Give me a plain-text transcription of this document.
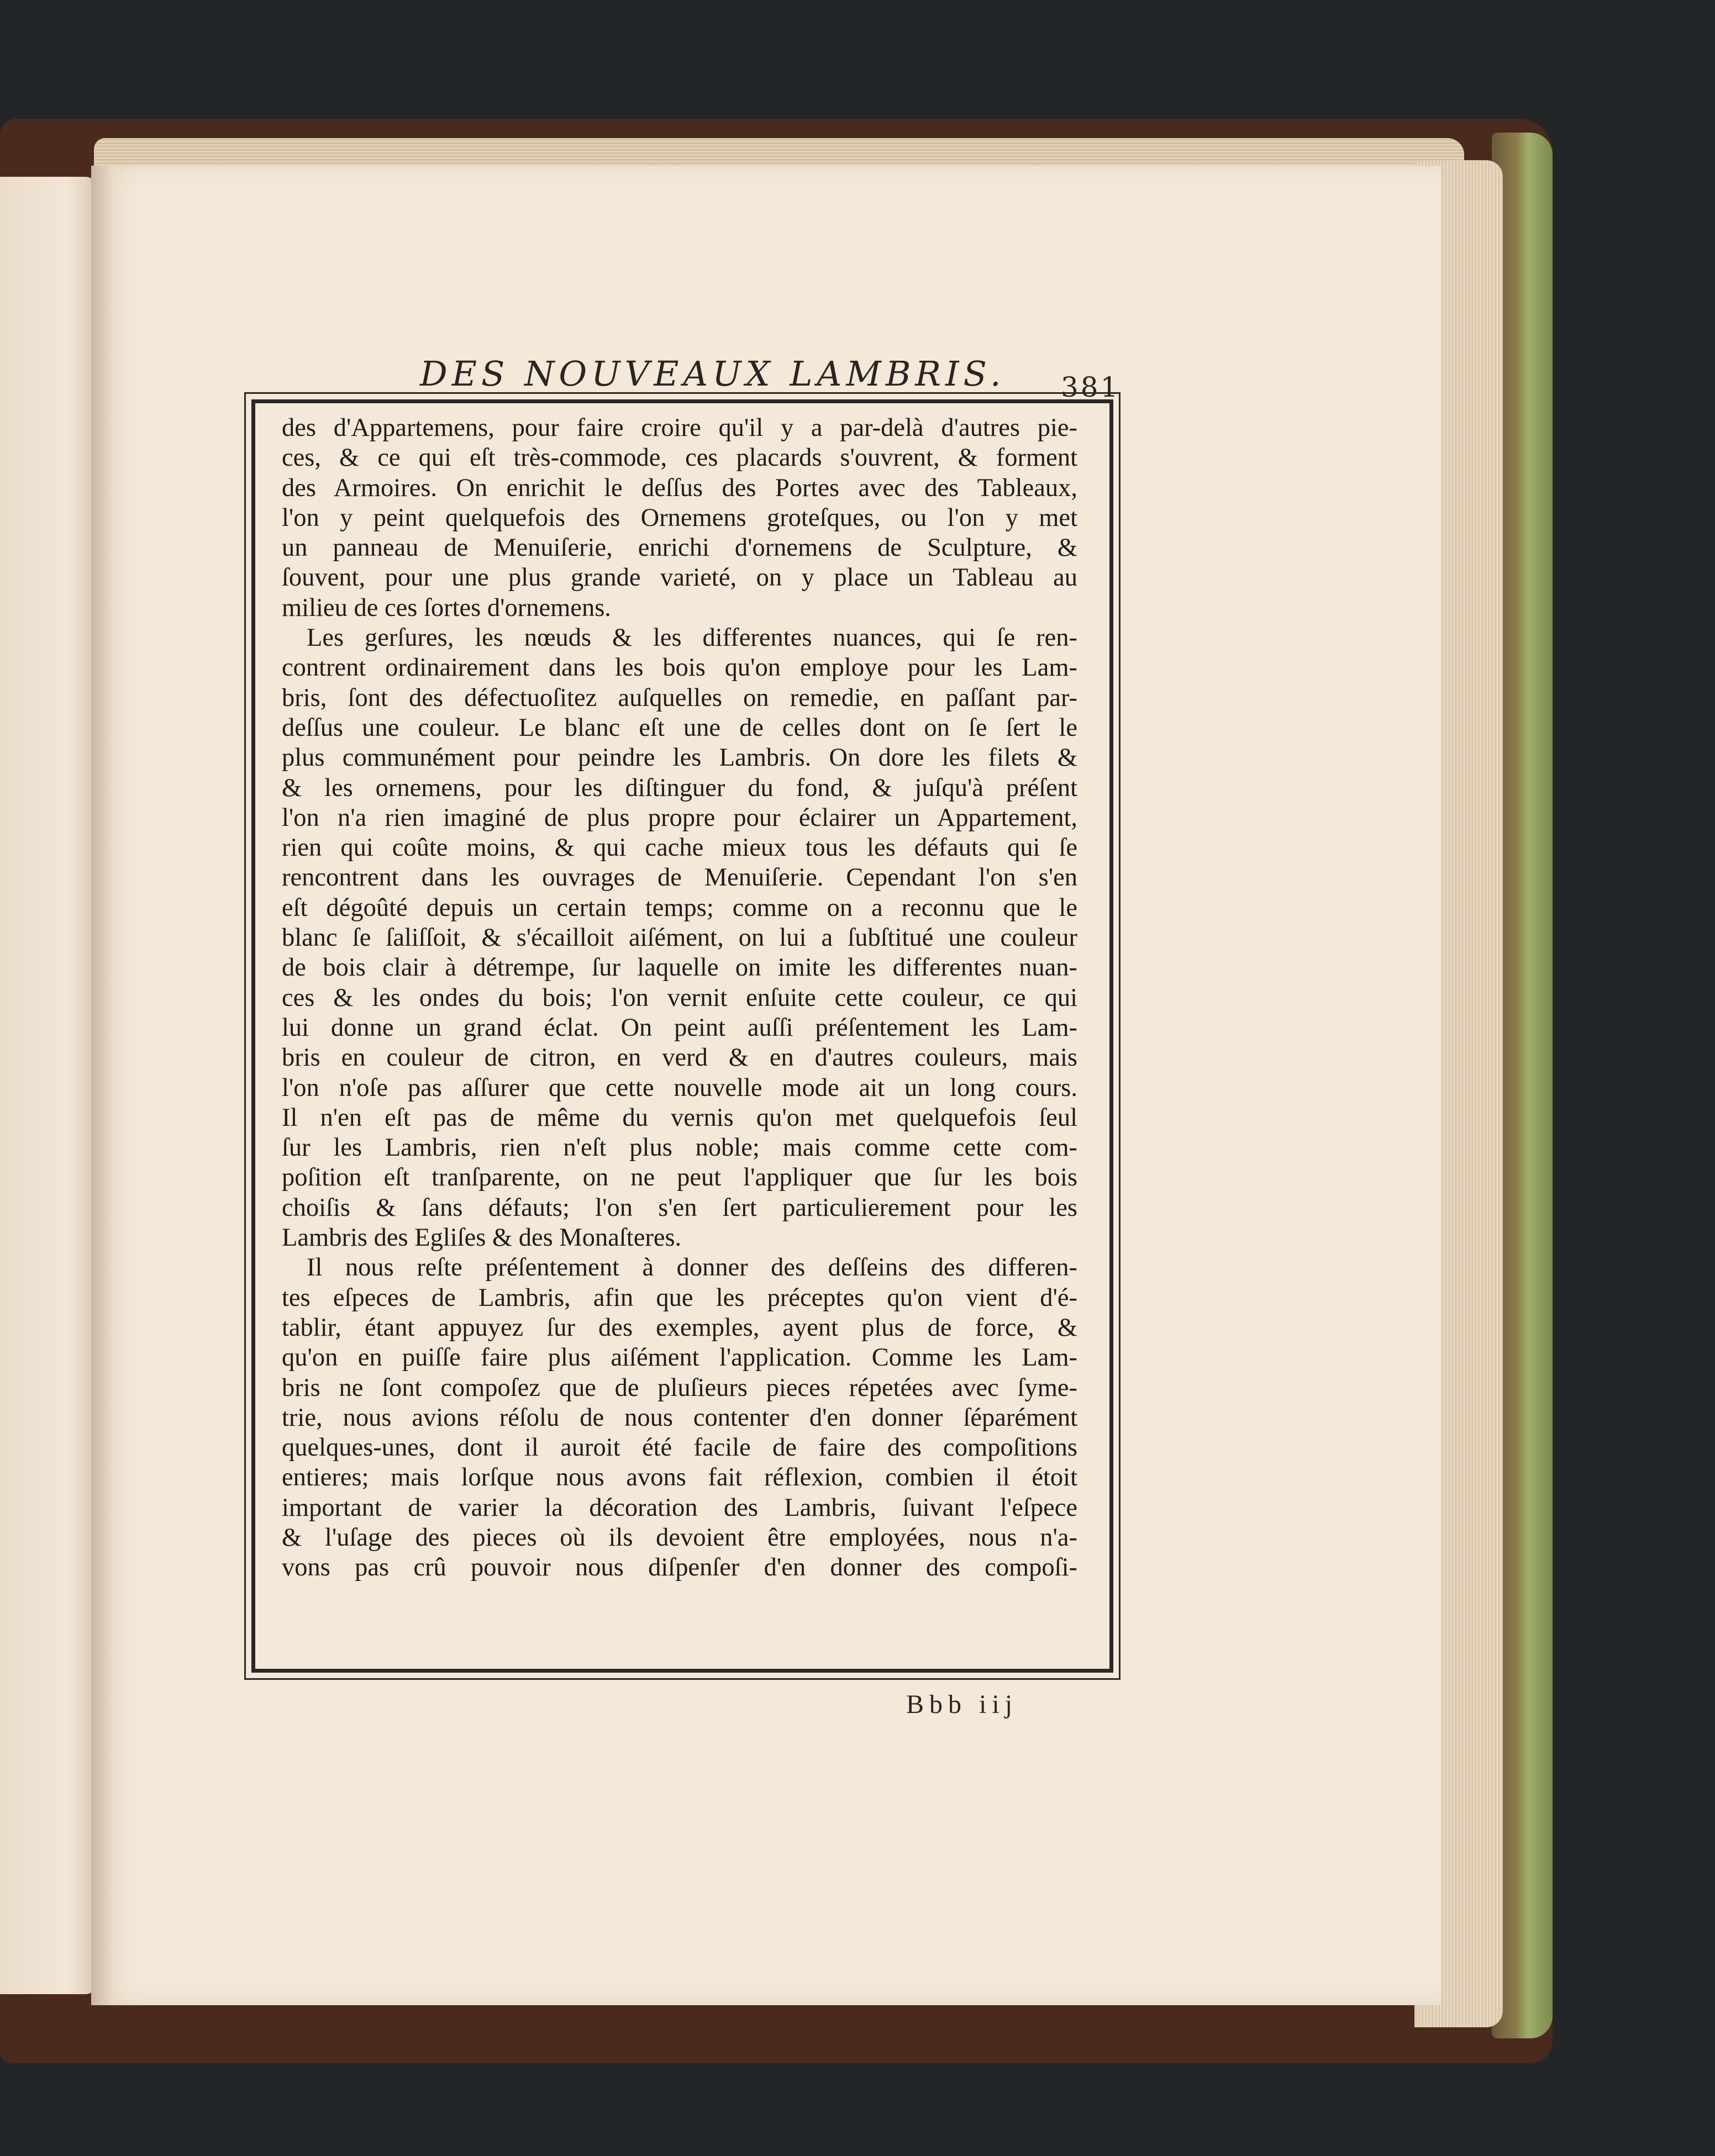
DES NOUVEAUX LAMBRIS.	381
des d'Appartemens, pour faire croire qu'il y a par-delà d'autres pie-
ces, & ce qui eſt très-commode, ces placards s'ouvrent, & forment
des Armoires. On enrichit le deſſus des Portes avec des Tableaux,
l'on y peint quelquefois des Ornemens groteſques, ou l'on y met
un panneau de Menuiſerie, enrichi d'ornemens de Sculpture, &
ſouvent, pour une plus grande varieté, on y place un Tableau au
milieu de ces ſortes d'ornemens.
Les gerſures, les nœuds & les differentes nuances, qui ſe ren-
contrent ordinairement dans les bois qu'on employe pour les Lam-
bris, ſont des défectuoſitez auſquelles on remedie, en paſſant par-
deſſus une couleur. Le blanc eſt une de celles dont on ſe ſert le
plus communément pour peindre les Lambris. On dore les filets &
& les ornemens, pour les diſtinguer du fond, & juſqu'à préſent
l'on n'a rien imaginé de plus propre pour éclairer un Appartement,
rien qui coûte moins, & qui cache mieux tous les défauts qui ſe
rencontrent dans les ouvrages de Menuiſerie. Cependant l'on s'en
eſt dégoûté depuis un certain temps; comme on a reconnu que le
blanc ſe ſaliſſoit, & s'écailloit aiſément, on lui a ſubſtitué une couleur
de bois clair à détrempe, ſur laquelle on imite les differentes nuan-
ces & les ondes du bois; l'on vernit enſuite cette couleur, ce qui
lui donne un grand éclat. On peint auſſi préſentement les Lam-
bris en couleur de citron, en verd & en d'autres couleurs, mais
l'on n'oſe pas aſſurer que cette nouvelle mode ait un long cours.
Il n'en eſt pas de même du vernis qu'on met quelquefois ſeul
ſur les Lambris, rien n'eſt plus noble; mais comme cette com-
poſition eſt tranſparente, on ne peut l'appliquer que ſur les bois
choiſis & ſans défauts; l'on s'en ſert particulierement pour les
Lambris des Egliſes & des Monaſteres.
Il nous reſte préſentement à donner des deſſeins des differen-
tes eſpeces de Lambris, afin que les préceptes qu'on vient d'é-
tablir, étant appuyez ſur des exemples, ayent plus de force, &
qu'on en puiſſe faire plus aiſément l'application. Comme les Lam-
bris ne ſont compoſez que de pluſieurs pieces répetées avec ſyme-
trie, nous avions réſolu de nous contenter d'en donner ſéparément
quelques-unes, dont il auroit été facile de faire des compoſitions
entieres; mais lorſque nous avons fait réflexion, combien il étoit
important de varier la décoration des Lambris, ſuivant l'eſpece
& l'uſage des pieces où ils devoient être employées, nous n'a-
vons pas crû pouvoir nous diſpenſer d'en donner des compoſi-
Bbb iij
